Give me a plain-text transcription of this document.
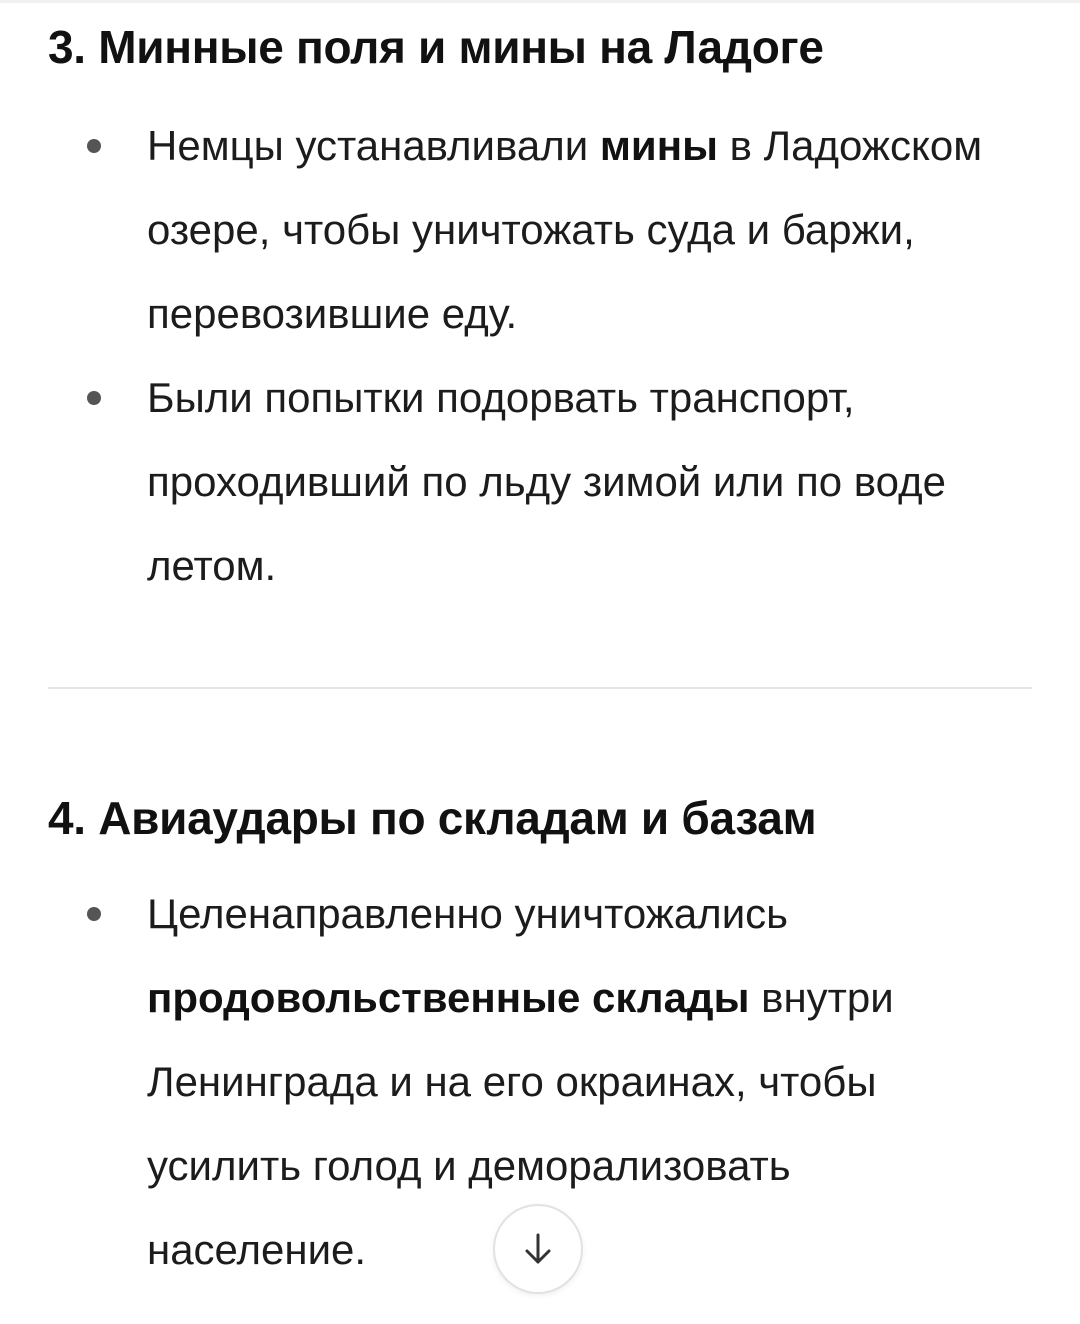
3. Минные поля и мины на Ладоге
Немцы устанавливали мины в Ладожском озере, чтобы уничтожать суда и баржи, перевозившие еду.
Были попытки подорвать транспорт, проходивший по льду зимой или по воде летом.
4. Авиаудары по складам и базам
Целенаправленно уничтожались продовольственные склады внутри Ленинграда и на его окраинах, чтобы усилить голод и деморализовать население.
